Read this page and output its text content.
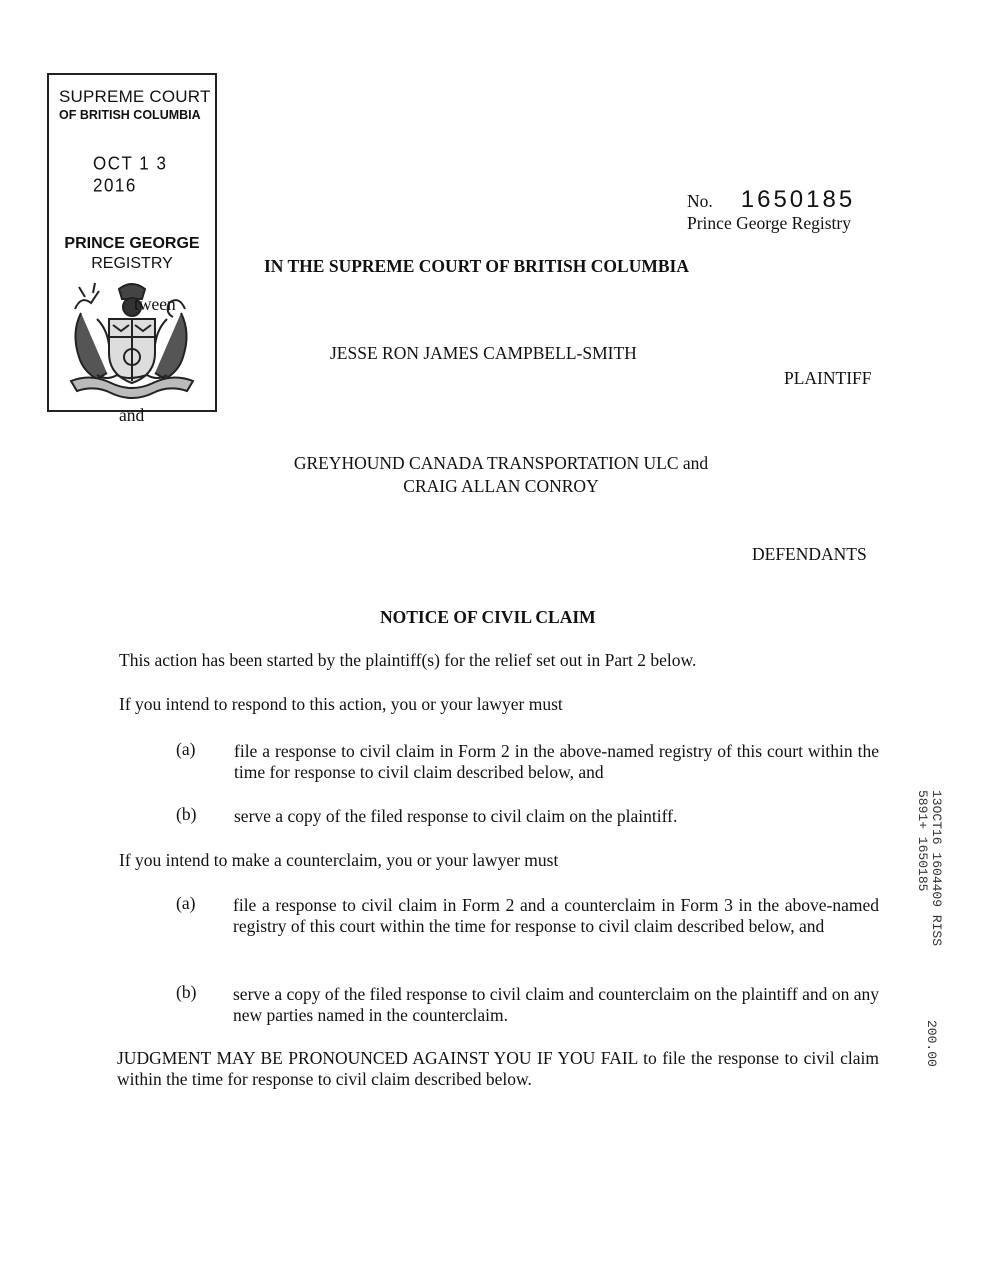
SUPREME COURT
OF BRITISH COLUMBIA
OCT 1 3 2016
PRINCE GEORGE
REGISTRY
tween
and
No. 1650185
Prince George Registry
IN THE SUPREME COURT OF BRITISH COLUMBIA
JESSE RON JAMES CAMPBELL-SMITH
PLAINTIFF
GREYHOUND CANADA TRANSPORTATION ULC and
CRAIG ALLAN CONROY
DEFENDANTS
NOTICE OF CIVIL CLAIM
This action has been started by the plaintiff(s) for the relief set out in Part 2 below.
If you intend to respond to this action, you or your lawyer must
(a) file a response to civil claim in Form 2 in the above-named registry of this court within the time for response to civil claim described below, and
(b) serve a copy of the filed response to civil claim on the plaintiff.
If you intend to make a counterclaim, you or your lawyer must
(a) file a response to civil claim in Form 2 and a counterclaim in Form 3 in the above-named registry of this court within the time for response to civil claim described below, and
(b) serve a copy of the filed response to civil claim and counterclaim on the plaintiff and on any new parties named in the counterclaim.
JUDGMENT MAY BE PRONOUNCED AGAINST YOU IF YOU FAIL to file the response to civil claim within the time for response to civil claim described below.
13OCT16 1604409 RISS 5891+ 1650185
200.00
